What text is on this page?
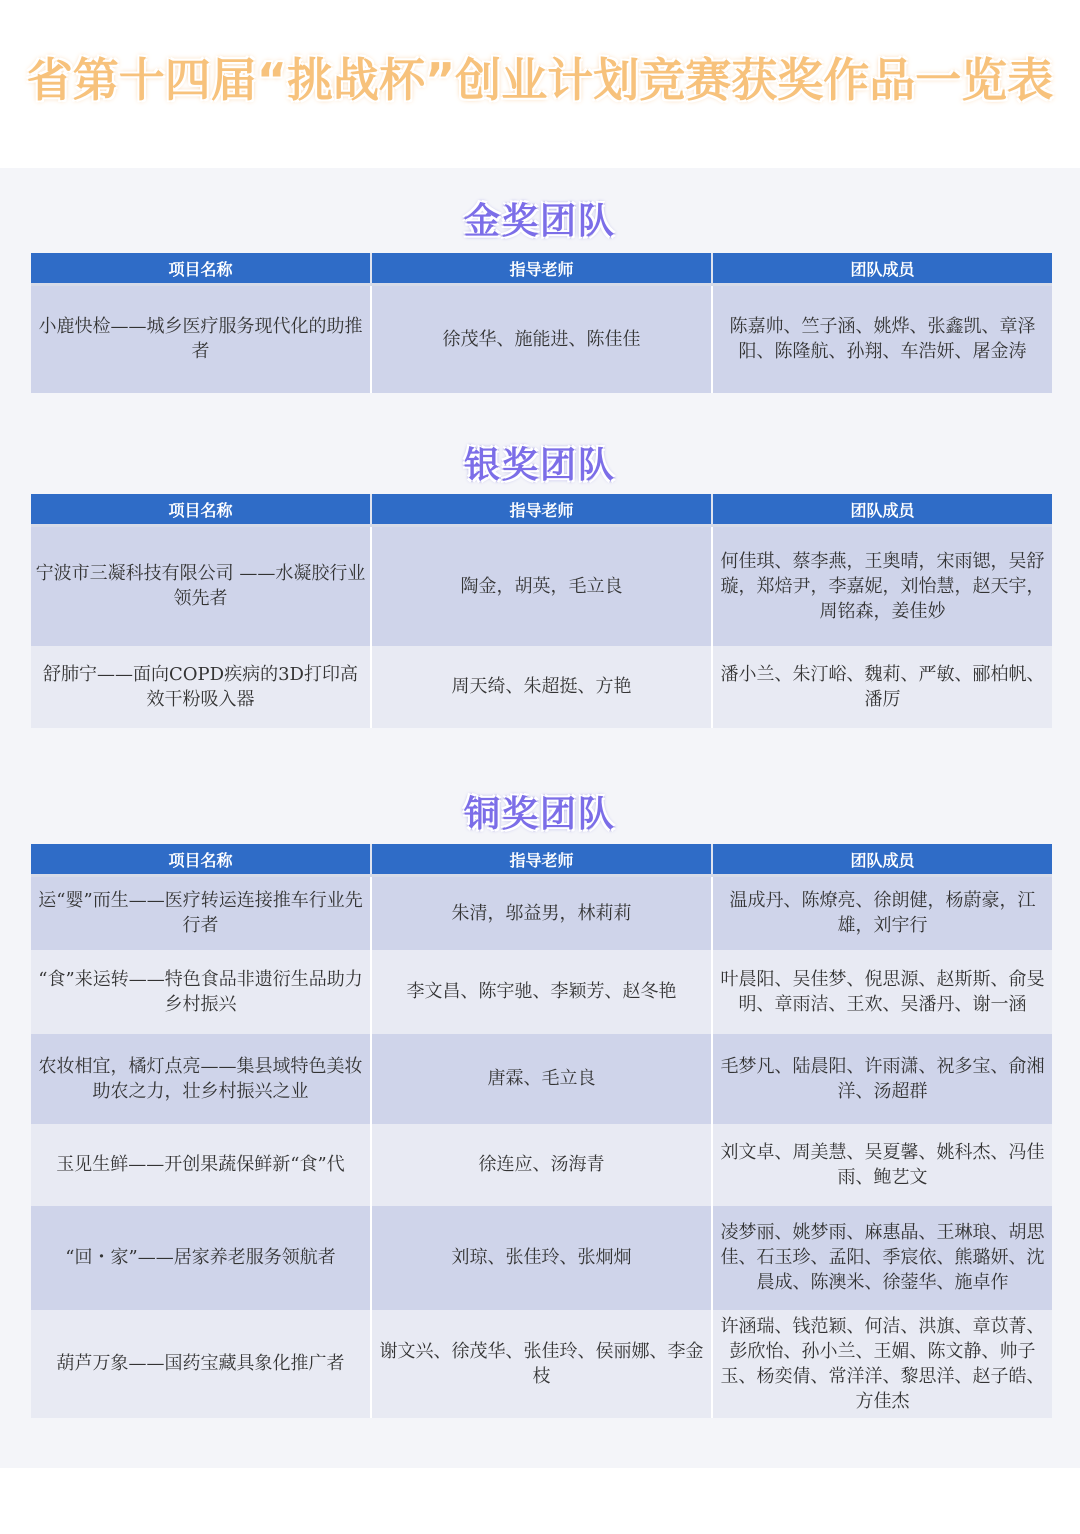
省第十四届“挑战杯”创业计划竞赛获奖作品一览表
金奖团队
项目名称	指导老师	团队成员
小鹿快检——城乡医疗服务现代化的助推者	徐茂华、施能进、陈佳佳	陈嘉帅、竺子涵、姚烨、张鑫凯、章泽阳、陈隆航、孙翔、车浩妍、屠金涛
银奖团队
项目名称	指导老师	团队成员
宁波市三凝科技有限公司 ——水凝胶行业领先者	陶金，胡英，毛立良	何佳琪、蔡李燕，王奥晴，宋雨锶，吴舒璇，郑焙尹，李嘉妮，刘怡慧，赵天宇，周铭森，姜佳妙
舒肺宁——面向COPD疾病的3D打印高效干粉吸入器	周天绮、朱超挺、方艳	潘小兰、朱汀峪、魏莉、严敏、郦柏帆、潘厉
铜奖团队
项目名称	指导老师	团队成员
运“婴”而生——医疗转运连接推车行业先行者	朱清，邬益男，林莉莉	温成丹、陈燎亮、徐朗健，杨蔚豪，江雄，刘宇行
“食”来运转——特色食品非遗衍生品助力乡村振兴	李文昌、陈宇驰、李颖芳、赵冬艳	叶晨阳、吴佳梦、倪思源、赵斯斯、俞旻明、章雨洁、王欢、吴潘丹、谢一涵
农妆相宜，橘灯点亮——集县域特色美妆助农之力，壮乡村振兴之业	唐霖、毛立良	毛梦凡、陆晨阳、许雨潇、祝多宝、俞湘洋、汤超群
玉见生鲜——开创果蔬保鲜新“食”代	徐连应、汤海青	刘文卓、周美慧、吴夏馨、姚科杰、冯佳雨、鲍艺文
“回・家”——居家养老服务领航者	刘琼、张佳玲、张炯炯	凌梦丽、姚梦雨、麻惠晶、王琳琅、胡思佳、石玉珍、孟阳、季宸依、熊璐妍、沈晨成、陈澳米、徐蓥华、施卓作
葫芦万象——国药宝藏具象化推广者	谢文兴、徐茂华、张佳玲、侯丽娜、李金枝	许涵瑞、钱范颖、何洁、洪旗、章苡菁、彭欣怡、孙小兰、王媚、陈文静、帅子玉、杨奕倩、常洋洋、黎思洋、赵子皓、方佳杰
